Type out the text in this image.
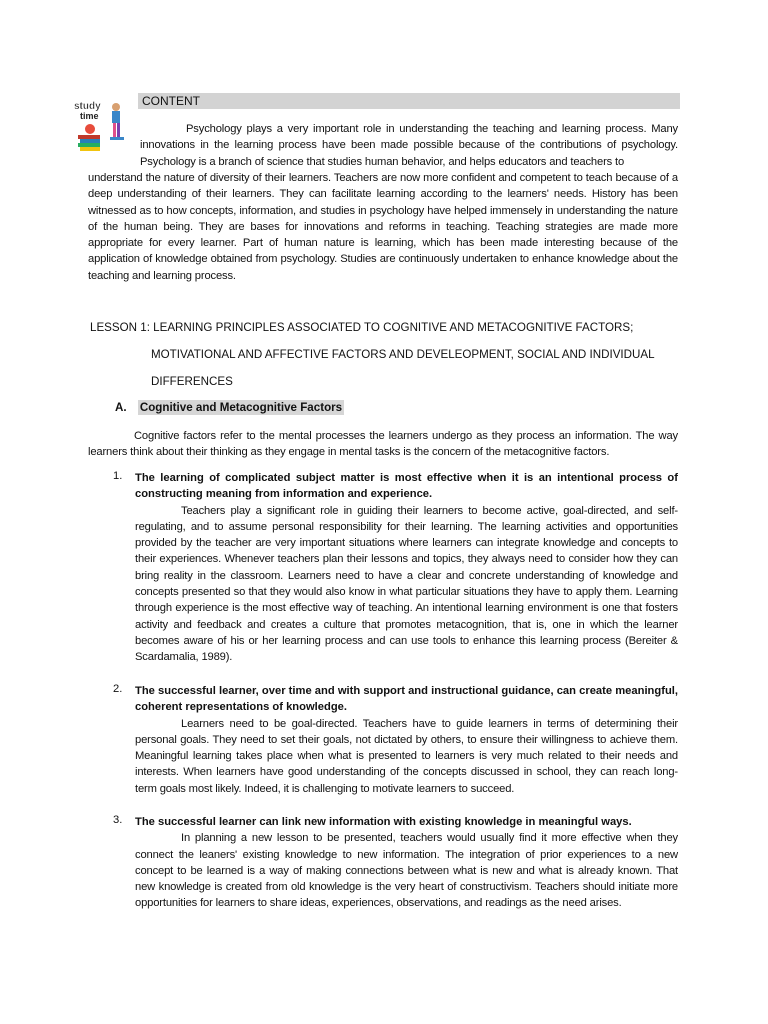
study
time
CONTENT
Psychology plays a very important role in understanding the teaching and learning process. Many innovations in the learning process have been made possible because of the contributions of psychology. Psychology is a branch of science that studies human behavior, and helps educators and teachers to

understand the nature of diversity of their learners. Teachers are now more confident and competent to teach because of a deep understanding of their learners. They can facilitate learning according to the learners' needs. History has been witnessed as to how concepts, information, and studies in psychology have helped immensely in understanding the nature of the human being. They are bases for innovations and reforms in teaching. Teaching strategies are made more appropriate for every learner. Part of human nature is learning, which has been made interesting because of the application of knowledge obtained from psychology. Studies are continuously undertaken to enhance knowledge about the teaching and learning process.

LESSON 1: LEARNING PRINCIPLES ASSOCIATED TO COGNITIVE AND METACOGNITIVE FACTORS;
MOTIVATIONAL AND AFFECTIVE FACTORS AND DEVELEOPMENT, SOCIAL AND INDIVIDUAL
DIFFERENCES
A. Cognitive and Metacognitive Factors
Cognitive factors refer to the mental processes the learners undergo as they process an information. The way learners think about their thinking as they engage in mental tasks is the concern of the metacognitive factors.
1. The learning of complicated subject matter is most effective when it is an intentional process of constructing meaning from information and experience.
Teachers play a significant role in guiding their learners to become active, goal-directed, and self-regulating, and to assume personal responsibility for their learning. The learning activities and opportunities provided by the teacher are very important situations where learners can integrate knowledge and concepts to their experiences. Whenever teachers plan their lessons and topics, they always need to consider how they can bring reality in the classroom. Learners need to have a clear and concrete understanding of knowledge and concepts presented so that they would also know in what particular situations they have to apply them. Learning through experience is the most effective way of teaching. An intentional learning environment is one that fosters activity and feedback and creates a culture that promotes metacognition, that is, one in which the learner becomes aware of his or her learning process and can use tools to enhance this learning process (Bereiter & Scardamalia, 1989).
2. The successful learner, over time and with support and instructional guidance, can create meaningful, coherent representations of knowledge.
Learners need to be goal-directed. Teachers have to guide learners in terms of determining their personal goals. They need to set their goals, not dictated by others, to ensure their willingness to achieve them. Meaningful learning takes place when what is presented to learners is very much related to their needs and interests. When learners have good understanding of the concepts discussed in school, they can reach long-term goals most likely. Indeed, it is challenging to motivate learners to succeed.
3. The successful learner can link new information with existing knowledge in meaningful ways.
In planning a new lesson to be presented, teachers would usually find it more effective when they connect the leaners' existing knowledge to new information. The integration of prior experiences to a new concept to be learned is a way of making connections between what is new and what is already known. That new knowledge is created from old knowledge is the very heart of constructivism. Teachers should initiate more opportunities for learners to share ideas, experiences, observations, and readings as the need arises.
